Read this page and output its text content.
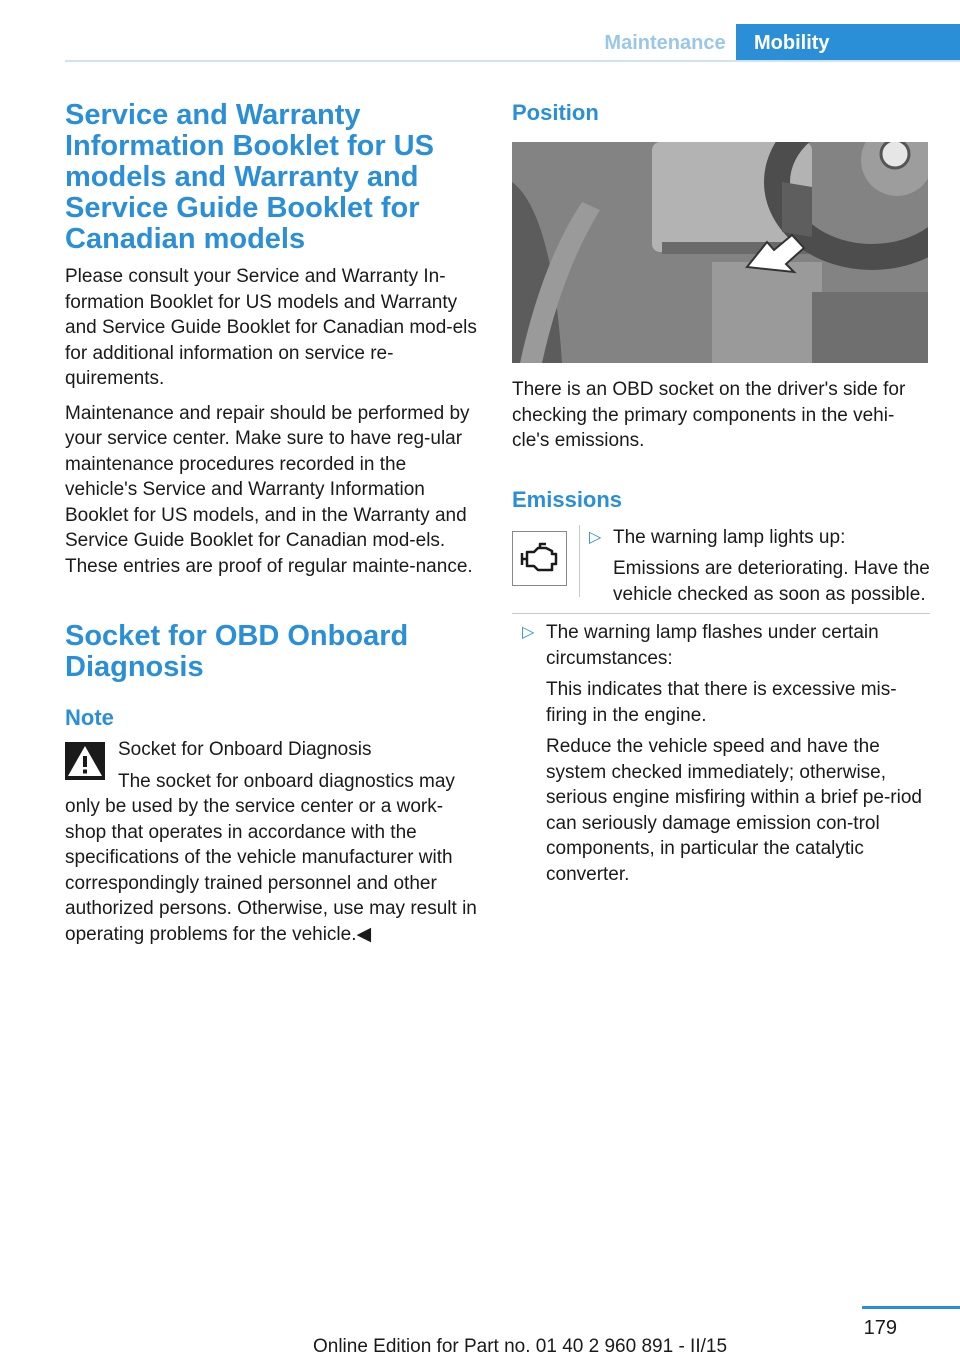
Maintenance	Mobility
Service and Warranty Information Booklet for US models and Warranty and Service Guide Booklet for Canadian models

Please consult your Service and Warranty In‐formation Booklet for US models and Warranty and Service Guide Booklet for Canadian mod‐els for additional information on service re‐quirements.

Maintenance and repair should be performed by your service center. Make sure to have reg‐ular maintenance procedures recorded in the vehicle's Service and Warranty Information Booklet for US models, and in the Warranty and Service Guide Booklet for Canadian mod‐els. These entries are proof of regular mainte‐nance.

Socket for OBD Onboard Diagnosis
Note

Socket for Onboard Diagnosis

The socket for onboard diagnostics may only be used by the service center or a work‐shop that operates in accordance with the specifications of the vehicle manufacturer with correspondingly trained personnel and other authorized persons. Otherwise, use may result in operating problems for the vehicle.◀

Position

There is an OBD socket on the driver's side for checking the primary components in the vehi‐cle's emissions.

Emissions
▷ The warning lamp lights up:

Emissions are deteriorating. Have the vehicle checked as soon as possible.

▷ The warning lamp flashes under certain circumstances:

This indicates that there is excessive mis‐firing in the engine.

Reduce the vehicle speed and have the system checked immediately; otherwise, serious engine misfiring within a brief pe‐riod can seriously damage emission con‐trol components, in particular the catalytic converter.

179
Online Edition for Part no. 01 40 2 960 891 - II/15
